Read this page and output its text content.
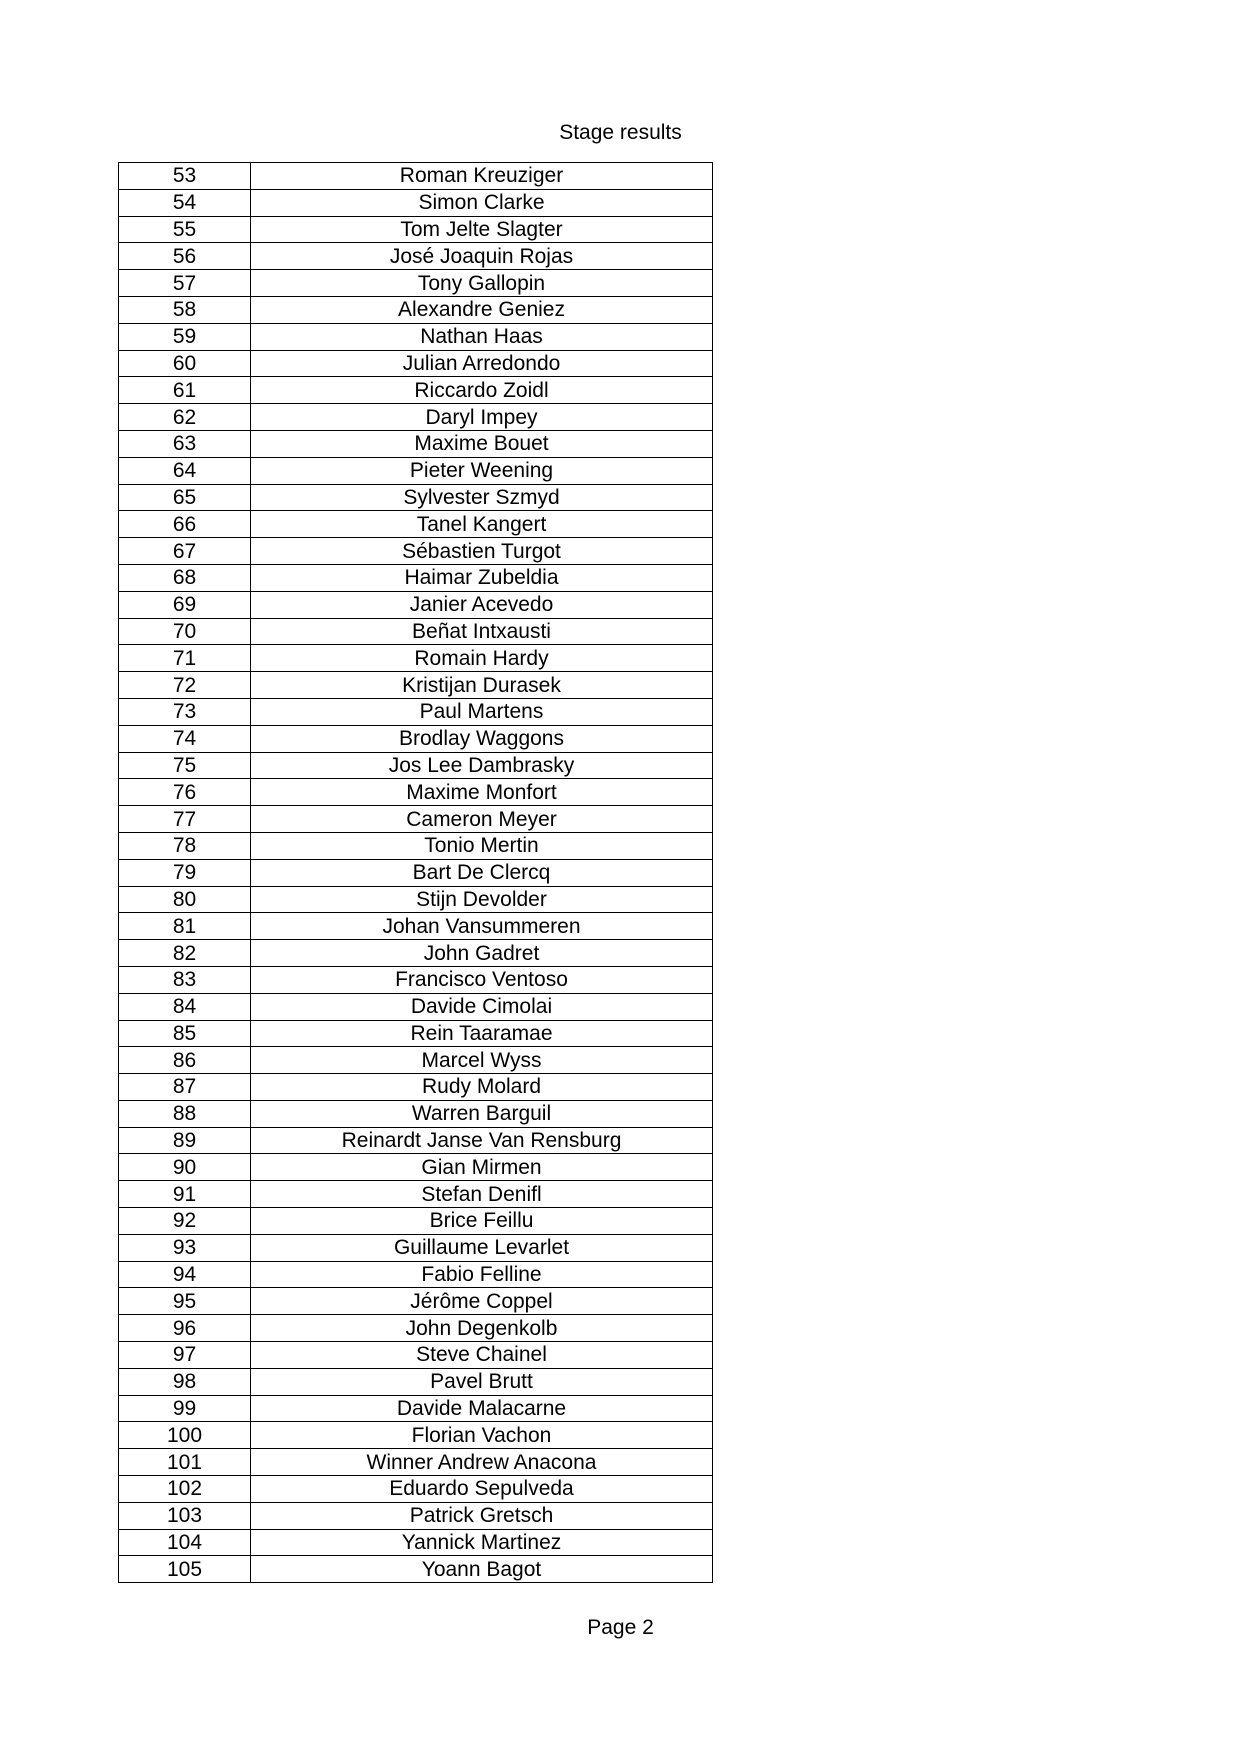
Stage results
53	Roman Kreuziger
54	Simon Clarke
55	Tom Jelte Slagter
56	José Joaquin Rojas
57	Tony Gallopin
58	Alexandre Geniez
59	Nathan Haas
60	Julian Arredondo
61	Riccardo Zoidl
62	Daryl Impey
63	Maxime Bouet
64	Pieter Weening
65	Sylvester Szmyd
66	Tanel Kangert
67	Sébastien Turgot
68	Haimar Zubeldia
69	Janier Acevedo
70	Beñat Intxausti
71	Romain Hardy
72	Kristijan Durasek
73	Paul Martens
74	Brodlay Waggons
75	Jos Lee Dambrasky
76	Maxime Monfort
77	Cameron Meyer
78	Tonio Mertin
79	Bart De Clercq
80	Stijn Devolder
81	Johan Vansummeren
82	John Gadret
83	Francisco Ventoso
84	Davide Cimolai
85	Rein Taaramae
86	Marcel Wyss
87	Rudy Molard
88	Warren Barguil
89	Reinardt Janse Van Rensburg
90	Gian Mirmen
91	Stefan Denifl
92	Brice Feillu
93	Guillaume Levarlet
94	Fabio Felline
95	Jérôme Coppel
96	John Degenkolb
97	Steve Chainel
98	Pavel Brutt
99	Davide Malacarne
100	Florian Vachon
101	Winner Andrew Anacona
102	Eduardo Sepulveda
103	Patrick Gretsch
104	Yannick Martinez
105	Yoann Bagot
Page 2
